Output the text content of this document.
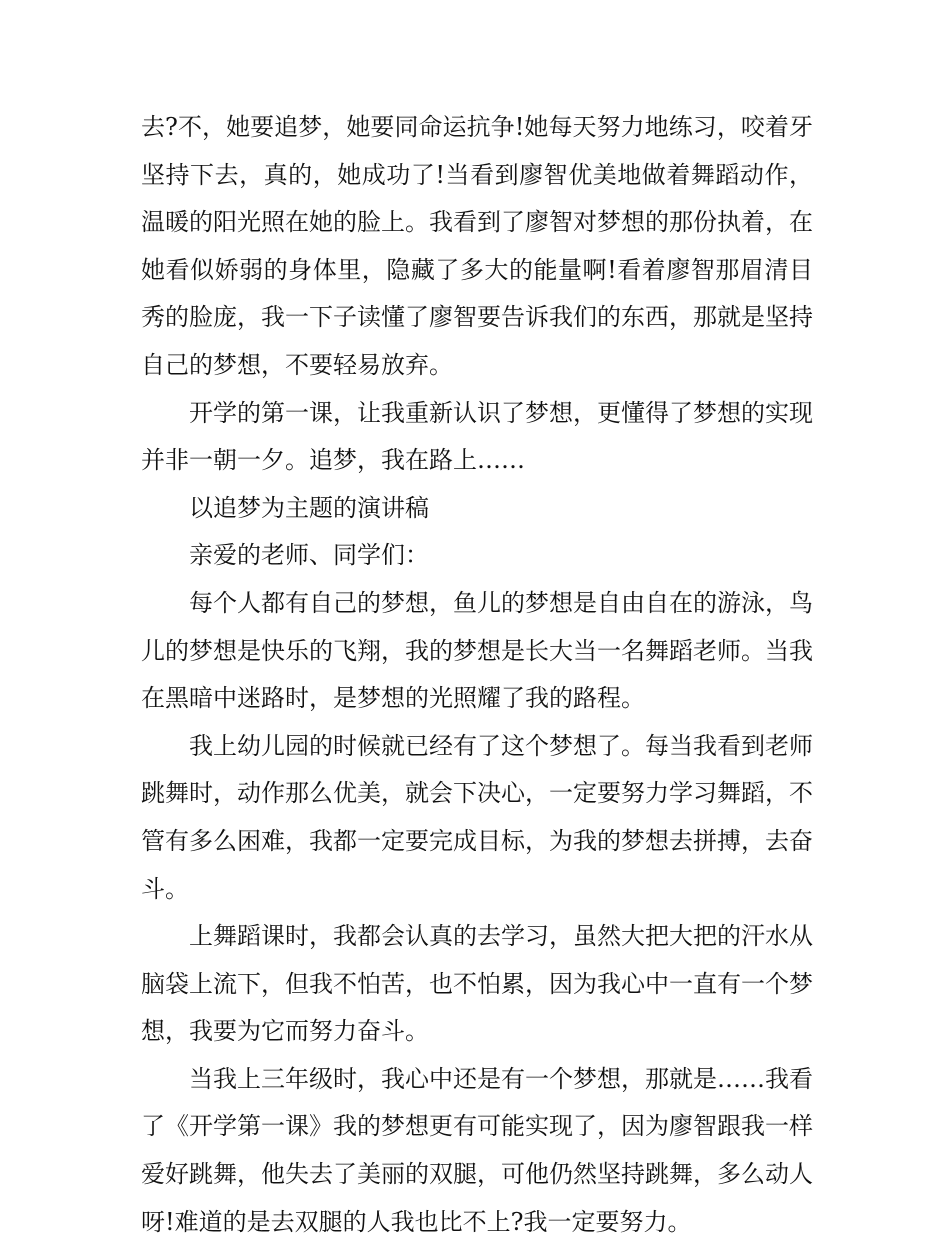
去?不，她要追梦，她要同命运抗争!她每天努力地练习，咬着牙坚持下去，真的，她成功了!当看到廖智优美地做着舞蹈动作，温暖的阳光照在她的脸上。我看到了廖智对梦想的那份执着，在她看似娇弱的身体里，隐藏了多大的能量啊!看着廖智那眉清目秀的脸庞，我一下子读懂了廖智要告诉我们的东西，那就是坚持自己的梦想，不要轻易放弃。

开学的第一课，让我重新认识了梦想，更懂得了梦想的实现并非一朝一夕。追梦，我在路上……

以追梦为主题的演讲稿

亲爱的老师、同学们：

每个人都有自己的梦想，鱼儿的梦想是自由自在的游泳，鸟儿的梦想是快乐的飞翔，我的梦想是长大当一名舞蹈老师。当我在黑暗中迷路时，是梦想的光照耀了我的路程。

我上幼儿园的时候就已经有了这个梦想了。每当我看到老师跳舞时，动作那么优美，就会下决心，一定要努力学习舞蹈，不管有多么困难，我都一定要完成目标，为我的梦想去拼搏，去奋斗。

上舞蹈课时，我都会认真的去学习，虽然大把大把的汗水从脑袋上流下，但我不怕苦，也不怕累，因为我心中一直有一个梦想，我要为它而努力奋斗。

当我上三年级时，我心中还是有一个梦想，那就是……我看了《开学第一课》我的梦想更有可能实现了，因为廖智跟我一样爱好跳舞，他失去了美丽的双腿，可他仍然坚持跳舞，多么动人呀!难道的是去双腿的人我也比不上?我一定要努力。
